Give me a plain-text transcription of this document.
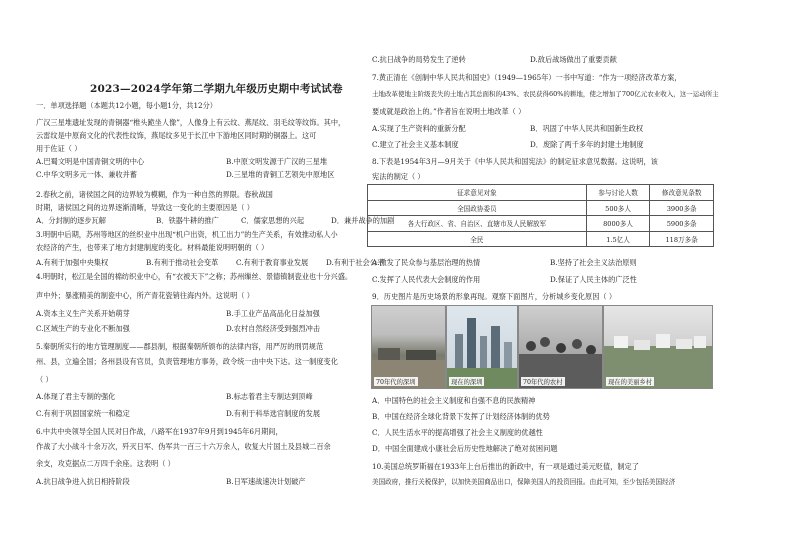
2023—2024学年第二学期九年级历史期中考试试卷
一．单项选择题（本题共12小题，每小题1分，共12分）
广汉三星堆遗址发现的青铜器“椎头跪坐人像”，人像身上有云纹、燕尾纹、羽毛纹等纹饰。其中，
云雷纹是中原商文化的代表性纹饰，燕尾纹多见于长江中下游地区同时期的铜器上。这可
用于佐证（ ）
A.巴蜀文明是中国青铜文明的中心	B.中原文明发源于广汉的三星堆
C.中华文明多元一体、兼收并蓄	D.三星堆的青铜工艺领先中原地区
2.春秋之前，诸侯国之间的边界较为模糊，作为一种自然的界限。春秋战国
时期，诸侯国之间的边界逐渐清晰，导致这一变化的主要原因是（ ）
A．分封制的逐步瓦解	B．铁器牛耕的推广	C．儒家思想的兴起	D．兼并战争的加剧
3.明朝中后期，苏州等地区的丝织业中出现“机户出资，机工出力”的生产关系，有效推动私人小
农经济的产生，也带来了地方封建制度的变化。材料最能说明明朝的（ ）
A.有利于加强中央集权	B.有利于推动社会变革 C.有利于教育事业发展 D.有利于社会公平
4.明朝时，松江是全国的棉纺织业中心，有“衣被天下”之称；苏州缫丝、景德镇制瓷业也十分兴盛。
声中外；暴涨精美的制瓷中心，所产青花瓷销往海内外。这说明（ ）
A.资本主义生产关系开始萌芽	B.手工业产品高品化日益加强
C.区域生产的专业化不断加强	D.农村自然经济受到强烈冲击
5.秦朝所实行的地方管理制度——郡县制，根据秦朝所颁布的法律内容，用严厉的刑罚规范
州、县，立遍全国；各州县设有官员，负责管理地方事务，政令统一由中央下达。这一制度变化
（ ）
A.体现了君主专制的强化	B.标志着君主专制达到顶峰
C.有利于巩固国家统一和稳定	D.有利于科举选官制度的发展
6.中共中央领导全国人民对日作战，八路军在1937年9月到1945年6月期间，
作战了大小战斗十余万次，歼灭日军、伪军共一百三十六万余人，收复大片国土及县城二百余
余支，攻克据点二万四千余座。这表明（ ）
A.抗日战争进入抗日相持阶段	B.日军速战速决计划破产
C.抗日战争的局势发生了逆转	D.敌后战场做出了重要贡献
7.黄正清在《创制中华人民共和国史》（1949—1965年）一书中写道：“作为一项经济改革方案，
土地改革使地主阶级丧失的土地占其总面积的43%、农民获得60%的耕地，使之增加了700亿元农业收入，这一运动所主
要成就是政治上的。”作者旨在说明土地改革（ ）
A.实现了生产资料的重新分配	B．巩固了中华人民共和国新生政权
C.建立了社会主义基本制度	D．废除了两千多年的封建土地制度
8.下表是1954年3月—9月关于《中华人民共和国宪法》的制定征求意见数据。这说明，该
宪法的制定（ ）
征求意见对象	参与讨论人数	修改意见条数
全国政协委员	500多人	3900多条
各大行政区、省、自治区、直辖市及人民解放军	8000多人	5900多条
全民	1.5亿人	118万多条
A.激发了民众参与基层治理的热情	B.坚持了社会主义法治原则
C.发挥了人民代表大会制度的作用	D.保证了人民主体的广泛性
9．历史图片是历史场景的形象再现。观察下面图片，分析城乡变化原因（ ）
70年代的深圳	现在的深圳	70年代的农村	现在的美丽乡村
A．中国特色的社会主义制度和自强不息的民族精神
B．中国在经济全球化背景下发挥了计划经济体制的优势
C．人民生活水平的提高增强了社会主义制度的优越性
D．中国全面建成小康社会后历史性地解决了绝对贫困问题
10.美国总统罗斯福在1933年上台后推出的新政中，有一项是通过美元贬值，制定了
美国政府，推行关税保护，以加快美国商品出口，保障美国人的投资回报。由此可知，至少包括美国经济
